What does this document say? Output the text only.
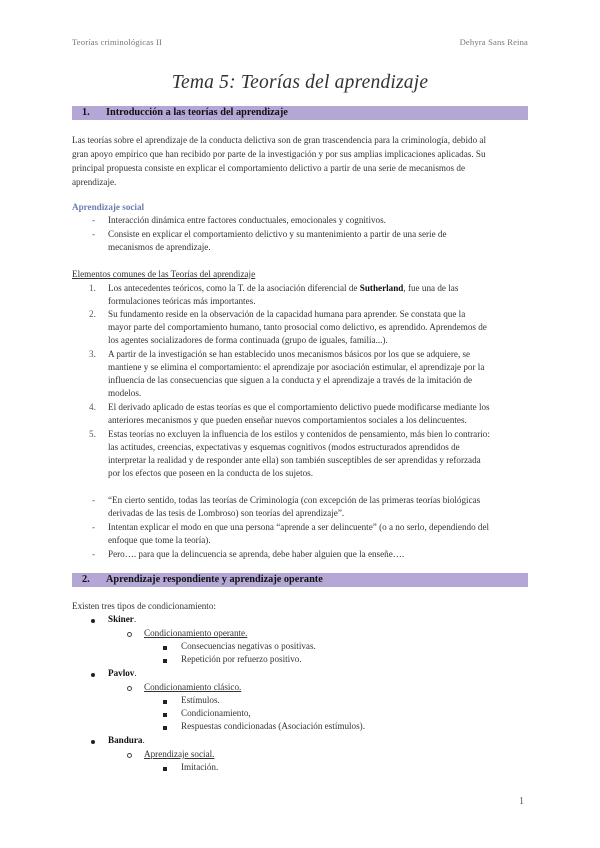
Teorías criminológicas II	Dehyra Sans Reina
Tema 5: Teorías del aprendizaje
1. Introducción a las teorías del aprendizaje
Las teorías sobre el aprendizaje de la conducta delictiva son de gran trascendencia para la criminología, debido al
gran apoyo empírico que han recibido por parte de la investigación y por sus amplias implicaciones aplicadas. Su
principal propuesta consiste en explicar el comportamiento delictivo a partir de una serie de mecanismos de
aprendizaje.
Aprendizaje social
- Interacción dinámica entre factores conductuales, emocionales y cognitivos.
- Consiste en explicar el comportamiento delictivo y su mantenimiento a partir de una serie de
mecanismos de aprendizaje.
Elementos comunes de las Teorías del aprendizaje
1. Los antecedentes teóricos, como la T. de la asociación diferencial de Sutherland, fue una de las
formulaciones teóricas más importantes.
2. Su fundamento reside en la observación de la capacidad humana para aprender. Se constata que la
mayor parte del comportamiento humano, tanto prosocial como delictivo, es aprendido. Aprendemos de
los agentes socializadores de forma continuada (grupo de iguales, familia...).
3. A partir de la investigación se han establecido unos mecanismos básicos por los que se adquiere, se
mantiene y se elimina el comportamiento: el aprendizaje por asociación estimular, el aprendizaje por la
influencia de las consecuencias que siguen a la conducta y el aprendizaje a través de la imitación de
modelos.
4. El derivado aplicado de estas teorías es que el comportamiento delictivo puede modificarse mediante los
anteriores mecanismos y que pueden enseñar nuevos comportamientos sociales a los delincuentes.
5. Estas teorías no excluyen la influencia de los estilos y contenidos de pensamiento, más bien lo contrario:
las actitudes, creencias, expectativas y esquemas cognitivos (modos estructurados aprendidos de
interpretar la realidad y de responder ante ella) son también susceptibles de ser aprendidas y reforzada
por los efectos que poseen en la conducta de los sujetos.
- “En cierto sentido, todas las teorías de Criminología (con excepción de las primeras teorías biológicas
derivadas de las tesis de Lombroso) son teorías del aprendizaje”.
- Intentan explicar el modo en que una persona “aprende a ser delincuente” (o a no serlo, dependiendo del
enfoque que tome la teoría).
- Pero…. para que la delincuencia se aprenda, debe haber alguien que la enseñe….
2. Aprendizaje respondiente y aprendizaje operante
Existen tres tipos de condicionamiento:
Skiner.
Condicionamiento operante.
Consecuencias negativas o positivas.
Repetición por refuerzo positivo.
Pavlov.
Condicionamiento clásico.
Estímulos.
Condicionamiento,
Respuestas condicionadas (Asociación estímulos).
Bandura.
Aprendizaje social.
Imitación.
1
